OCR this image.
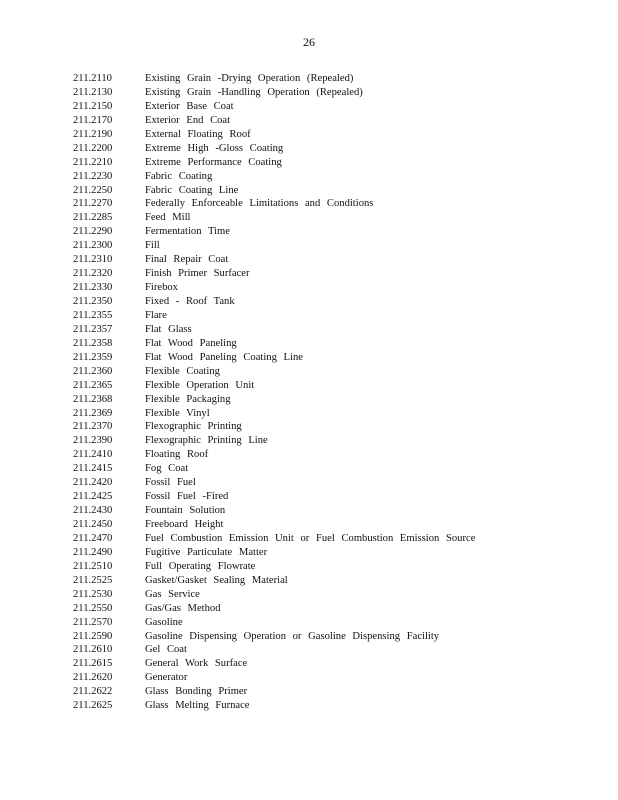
26
211.2110	Existing Grain -Drying Operation (Repealed)
211.2130	Existing Grain -Handling Operation (Repealed)
211.2150	Exterior Base Coat
211.2170	Exterior End Coat
211.2190	External Floating Roof
211.2200	Extreme High -Gloss Coating
211.2210	Extreme Performance Coating
211.2230	Fabric Coating
211.2250	Fabric Coating Line
211.2270	Federally Enforceable Limitations and Conditions
211.2285	Feed Mill
211.2290	Fermentation Time
211.2300	Fill
211.2310	Final Repair Coat
211.2320	Finish Primer Surfacer
211.2330	Firebox
211.2350	Fixed - Roof Tank
211.2355	Flare
211.2357	Flat Glass
211.2358	Flat Wood Paneling
211.2359	Flat Wood Paneling Coating Line
211.2360	Flexible Coating
211.2365	Flexible Operation Unit
211.2368	Flexible Packaging
211.2369	Flexible Vinyl
211.2370	Flexographic Printing
211.2390	Flexographic Printing Line
211.2410	Floating Roof
211.2415	Fog Coat
211.2420	Fossil Fuel
211.2425	Fossil Fuel -Fired
211.2430	Fountain Solution
211.2450	Freeboard Height
211.2470	Fuel Combustion Emission Unit or Fuel Combustion Emission Source
211.2490	Fugitive Particulate Matter
211.2510	Full Operating Flowrate
211.2525	Gasket/Gasket Sealing Material
211.2530	Gas Service
211.2550	Gas/Gas Method
211.2570	Gasoline
211.2590	Gasoline Dispensing Operation or Gasoline Dispensing Facility
211.2610	Gel Coat
211.2615	General Work Surface
211.2620	Generator
211.2622	Glass Bonding Primer
211.2625	Glass Melting Furnace
